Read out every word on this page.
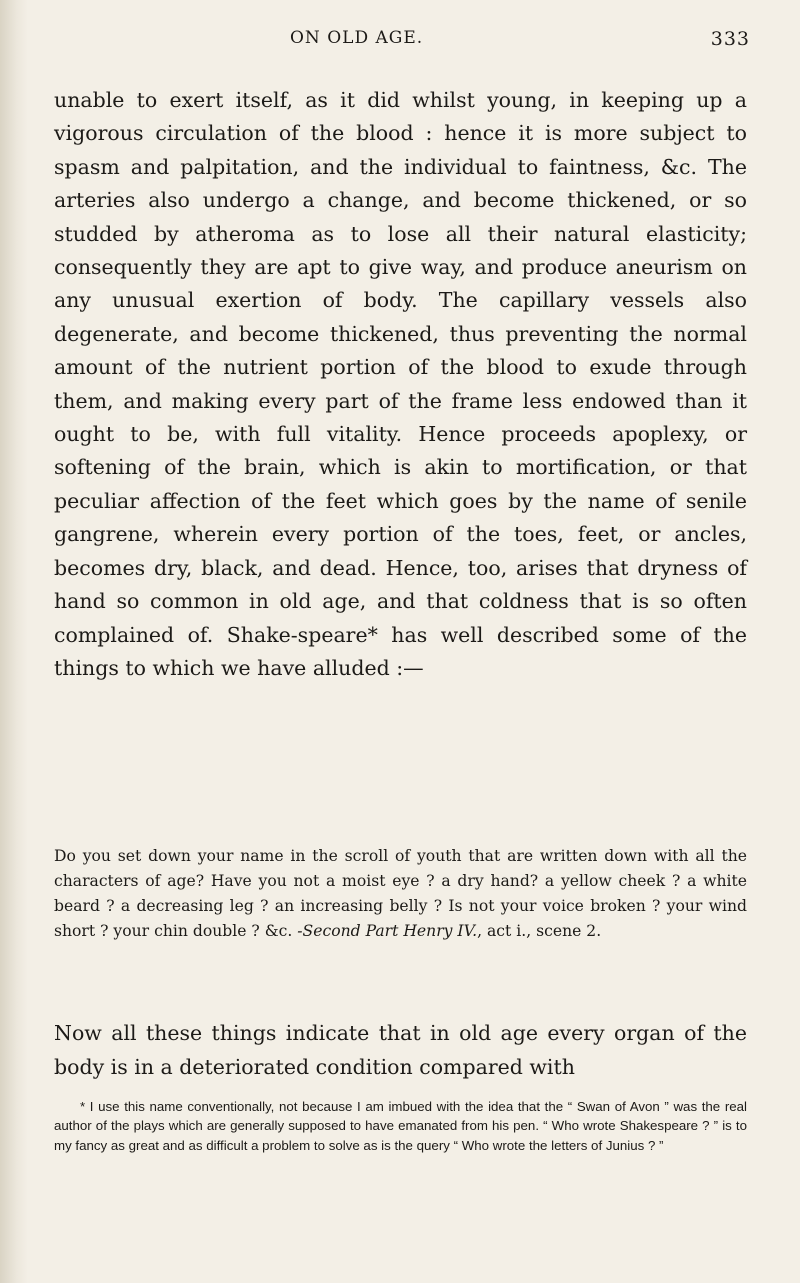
ON OLD AGE.	333

unable to exert itself, as it did whilst young, in keeping up a vigorous circulation of the blood : hence it is more subject to spasm and palpitation, and the individual to faintness, &c. The arteries also undergo a change, and become thickened, or so studded by atheroma as to lose all their natural elasticity; consequently they are apt to give way, and produce aneurism on any unusual exertion of body. The capillary vessels also degenerate, and become thickened, thus preventing the normal amount of the nutrient portion of the blood to exude through them, and making every part of the frame less endowed than it ought to be, with full vitality. Hence proceeds apoplexy, or softening of the brain, which is akin to mortification, or that peculiar affection of the feet which goes by the name of senile gangrene, wherein every portion of the toes, feet, or ancles, becomes dry, black, and dead. Hence, too, arises that dryness of hand so common in old age, and that coldness that is so often complained of. Shake-speare* has well described some of the things to which we have alluded :—

Do you set down your name in the scroll of youth that are written down with all the characters of age? Have you not a moist eye ? a dry hand? a yellow cheek ? a white beard ? a decreasing leg ? an increasing belly ? Is not your voice broken ? your wind short ? your chin double ? &c. -Second Part Henry IV., act i., scene 2.
Now all these things indicate that in old age every organ of the body is in a deteriorated condition compared with
* I use this name conventionally, not because I am imbued with the idea that the “ Swan of Avon ” was the real author of the plays which are generally supposed to have emanated from his pen. “ Who wrote Shakespeare ? ” is to my fancy as great and as difficult a problem to solve as is the query “ Who wrote the letters of Junius ? ”
